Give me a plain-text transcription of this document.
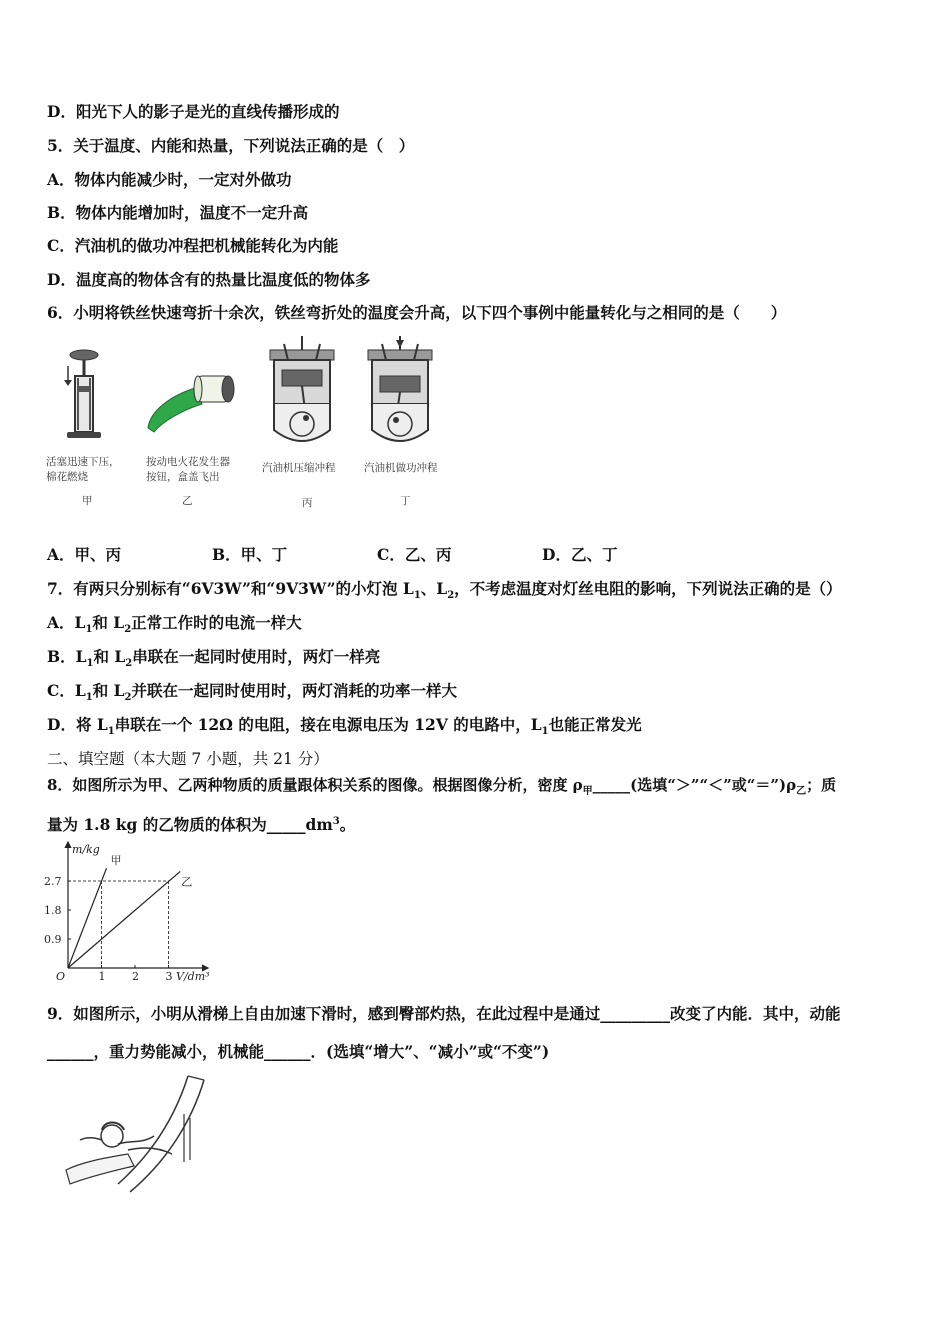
D．阳光下人的影子是光的直线传播形成的
5．关于温度、内能和热量，下列说法正确的是（　）
A．物体内能减少时，一定对外做功
B．物体内能增加时，温度不一定升高
C．汽油机的做功冲程把机械能转化为内能
D．温度高的物体含有的热量比温度低的物体多
6．小明将铁丝快速弯折十余次，铁丝弯折处的温度会升高，以下四个事例中能量转化与之相同的是（　　）
活塞迅速下压，
棉花燃烧
甲
按动电火花发生器
按钮，盒盖飞出
乙
汽油机压缩冲程
丙
汽油机做功冲程
丁
A．甲、丙	B．甲、丁	C．乙、丙	D．乙、丁
7．有两只分别标有“6V3W”和“9V3W”的小灯泡 $L_1$、$L_2$，不考虑温度对灯丝电阻的影响，下列说法正确的是（）
A．$L_1$和 $L_2$正常工作时的电流一样大
B．$L_1$和 $L_2$串联在一起同时使用时，两灯一样亮
C．$L_1$和 $L_2$并联在一起同时使用时，两灯消耗的功率一样大
D．将 $L_1$串联在一个 12Ω 的电阻，接在电源电压为 12V 的电路中，$L_1$也能正常发光
二、填空题（本大题 7 小题，共 21 分）
8．如图所示为甲、乙两种物质的质量跟体积关系的图像。根据图像分析，密度 $\rho_甲\_\_\_\_\_$(选填“＞”“＜”或“$=”)\rho_乙$；质
量为 1.8 kg 的乙物质的体积为$\_\_\_\_\_dm^3$。
m/kg
V/dm³
O	1 2 3
0.9
1.8
2.7
甲
乙
9．如图所示，小明从滑梯上自由加速下滑时，感到臀部灼热，在此过程中是通过_________改变了内能．其中，动能
______，重力势能减小，机械能______．(选填“增大”、“减小”或“不变”)
